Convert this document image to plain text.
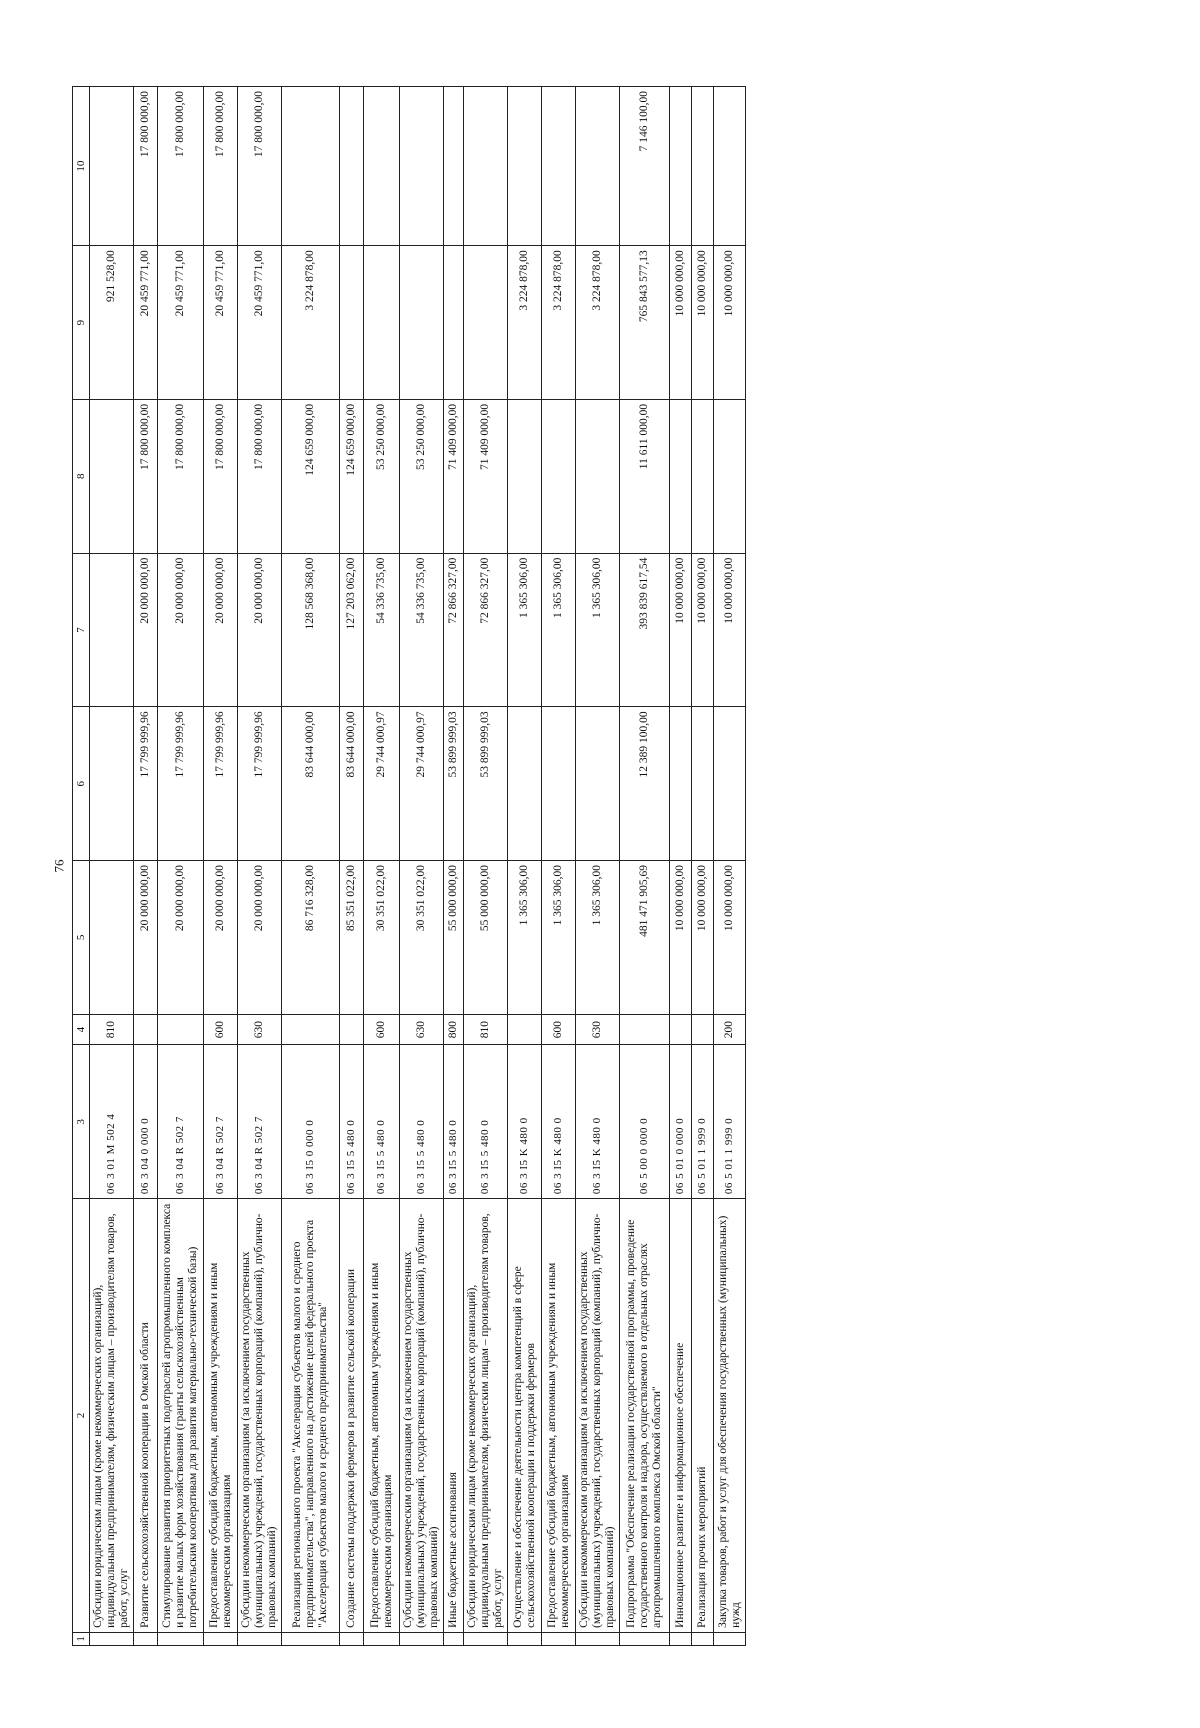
76
1	2	3	4	5	6	7	8	9	10
	Субсидии юридическим лицам (кроме некоммерческих организаций), индивидуальным предпринимателям, физическим лицам – производителям товаров, работ, услуг	06 3 01 M 502 4	810					921 528,00	
	Развитие сельскохозяйственной кооперации в Омской области	06 3 04 0 000 0		20 000 000,00	17 799 999,96	20 000 000,00	17 800 000,00	20 459 771,00	17 800 000,00
	Стимулирование развития приоритетных подотраслей агропромышленного комплекса и развитие малых форм хозяйствования (гранты сельскохозяйственным потребительским кооперативам для развития материально-технической базы)	06 3 04 R 502 7		20 000 000,00	17 799 999,96	20 000 000,00	17 800 000,00	20 459 771,00	17 800 000,00
	Предоставление субсидий бюджетным, автономным учреждениям и иным некоммерческим организациям	06 3 04 R 502 7	600	20 000 000,00	17 799 999,96	20 000 000,00	17 800 000,00	20 459 771,00	17 800 000,00
	Субсидии некоммерческим организациям (за исключением государственных (муниципальных) учреждений, государственных корпораций (компаний), публично-правовых компаний)	06 3 04 R 502 7	630	20 000 000,00	17 799 999,96	20 000 000,00	17 800 000,00	20 459 771,00	17 800 000,00
	Реализация регионального проекта "Акселерация субъектов малого и среднего предпринимательства", направленного на достижение целей федерального проекта "Акселерация субъектов малого и среднего предпринимательства"	06 3 I5 0 000 0		86 716 328,00	83 644 000,00	128 568 368,00	124 659 000,00	3 224 878,00	
	Создание системы поддержки фермеров и развитие сельской кооперации	06 3 I5 5 480 0		85 351 022,00	83 644 000,00	127 203 062,00	124 659 000,00		
	Предоставление субсидий бюджетным, автономным учреждениям и иным некоммерческим организациям	06 3 I5 5 480 0	600	30 351 022,00	29 744 000,97	54 336 735,00	53 250 000,00		
	Субсидии некоммерческим организациям (за исключением государственных (муниципальных) учреждений, государственных корпораций (компаний), публично-правовых компаний)	06 3 I5 5 480 0	630	30 351 022,00	29 744 000,97	54 336 735,00	53 250 000,00		
	Иные бюджетные ассигнования	06 3 I5 5 480 0	800	55 000 000,00	53 899 999,03	72 866 327,00	71 409 000,00		
	Субсидии юридическим лицам (кроме некоммерческих организаций), индивидуальным предпринимателям, физическим лицам – производителям товаров, работ, услуг	06 3 I5 5 480 0	810	55 000 000,00	53 899 999,03	72 866 327,00	71 409 000,00		
	Осуществление и обеспечение деятельности центра компетенций в сфере сельскохозяйственной кооперации и поддержки фермеров	06 3 I5 K 480 0		1 365 306,00		1 365 306,00		3 224 878,00	
	Предоставление субсидий бюджетным, автономным учреждениям и иным некоммерческим организациям	06 3 I5 K 480 0	600	1 365 306,00		1 365 306,00		3 224 878,00	
	Субсидии некоммерческим организациям (за исключением государственных (муниципальных) учреждений, государственных корпораций (компаний), публично-правовых компаний)	06 3 I5 K 480 0	630	1 365 306,00		1 365 306,00		3 224 878,00	
	Подпрограмма "Обеспечение реализации государственной программы, проведение государственного контроля и надзора, осуществляемого в отдельных отраслях агропромышленного комплекса Омской области"	06 5 00 0 000 0		481 471 905,69	12 389 100,00	393 839 617,54	11 611 000,00	765 843 577,13	7 146 100,00
	Инновационное развитие и информационное обеспечение	06 5 01 0 000 0		10 000 000,00		10 000 000,00		10 000 000,00	
	Реализация прочих мероприятий	06 5 01 1 999 0		10 000 000,00		10 000 000,00		10 000 000,00	
	Закупка товаров, работ и услуг для обеспечения государственных (муниципальных) нужд	06 5 01 1 999 0	200	10 000 000,00		10 000 000,00		10 000 000,00	
